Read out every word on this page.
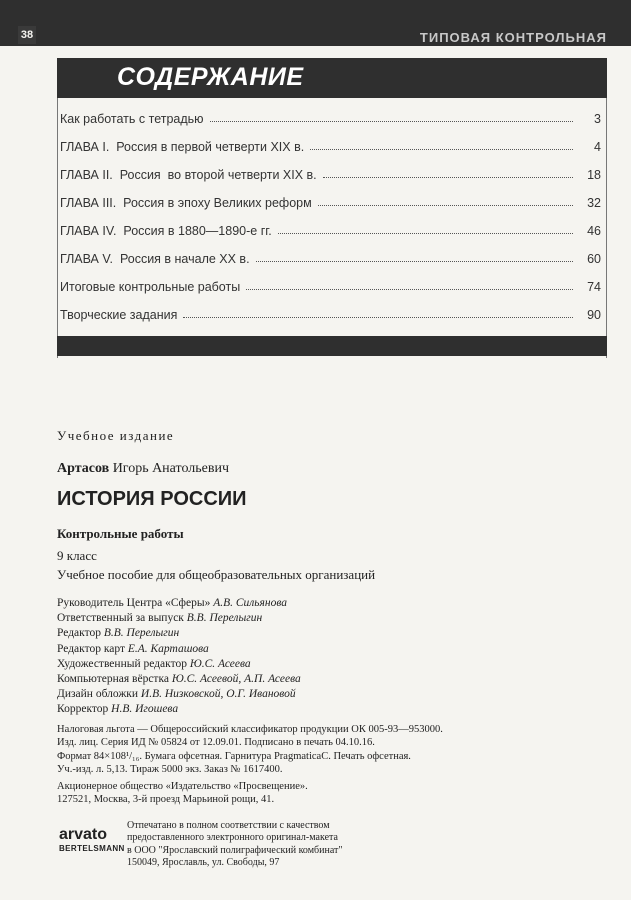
38	ТИПОВАЯ КОНТРОЛЬНАЯ
СОДЕРЖАНИЕ
Как работать с тетрадью	3
ГЛАВА I.  Россия в первой четверти XIX в.	4
ГЛАВА II.  Россия  во второй четверти XIX в.	18
ГЛАВА III.  Россия в эпоху Великих реформ	32
ГЛАВА IV.  Россия в 1880—1890-е гг.	46
ГЛАВА V.  Россия в начале XX в.	60
Итоговые контрольные работы	74
Творческие задания	90

Учебное издание

Артасов Игорь Анатольевич

ИСТОРИЯ РОССИИ

Контрольные работы

9 класс

Учебное пособие для общеобразовательных организаций

Руководитель Центра «Сферы» А.В. Сильянова
Ответственный за выпуск В.В. Перелыгин
Редактор В.В. Перелыгин
Редактор карт Е.А. Карташова
Художественный редактор Ю.С. Асеева
Компьютерная вёрстка Ю.С. Асеевой, А.П. Асеева
Дизайн обложки И.В. Низковской, О.Г. Ивановой
Корректор Н.В. Игошева
Налоговая льгота — Общероссийский классификатор продукции ОК 005-93—953000.
Изд. лиц. Серия ИД № 05824 от 12.09.01. Подписано в печать 04.10.16.
Формат 84×108¹/₁₆. Бумага офсетная. Гарнитура PragmaticaC. Печать офсетная.
Уч.-изд. л. 5,13. Тираж 5000 экз. Заказ № 1617400.
Акционерное общество «Издательство «Просвещение».
127521, Москва, 3-й проезд Марьиной рощи, 41.
arvato
BERTELSMANN
Отпечатано в полном соответствии с качеством
предоставленного электронного оригинал-макета
в ООО "Ярославский полиграфический комбинат"
150049, Ярославль, ул. Свободы, 97
